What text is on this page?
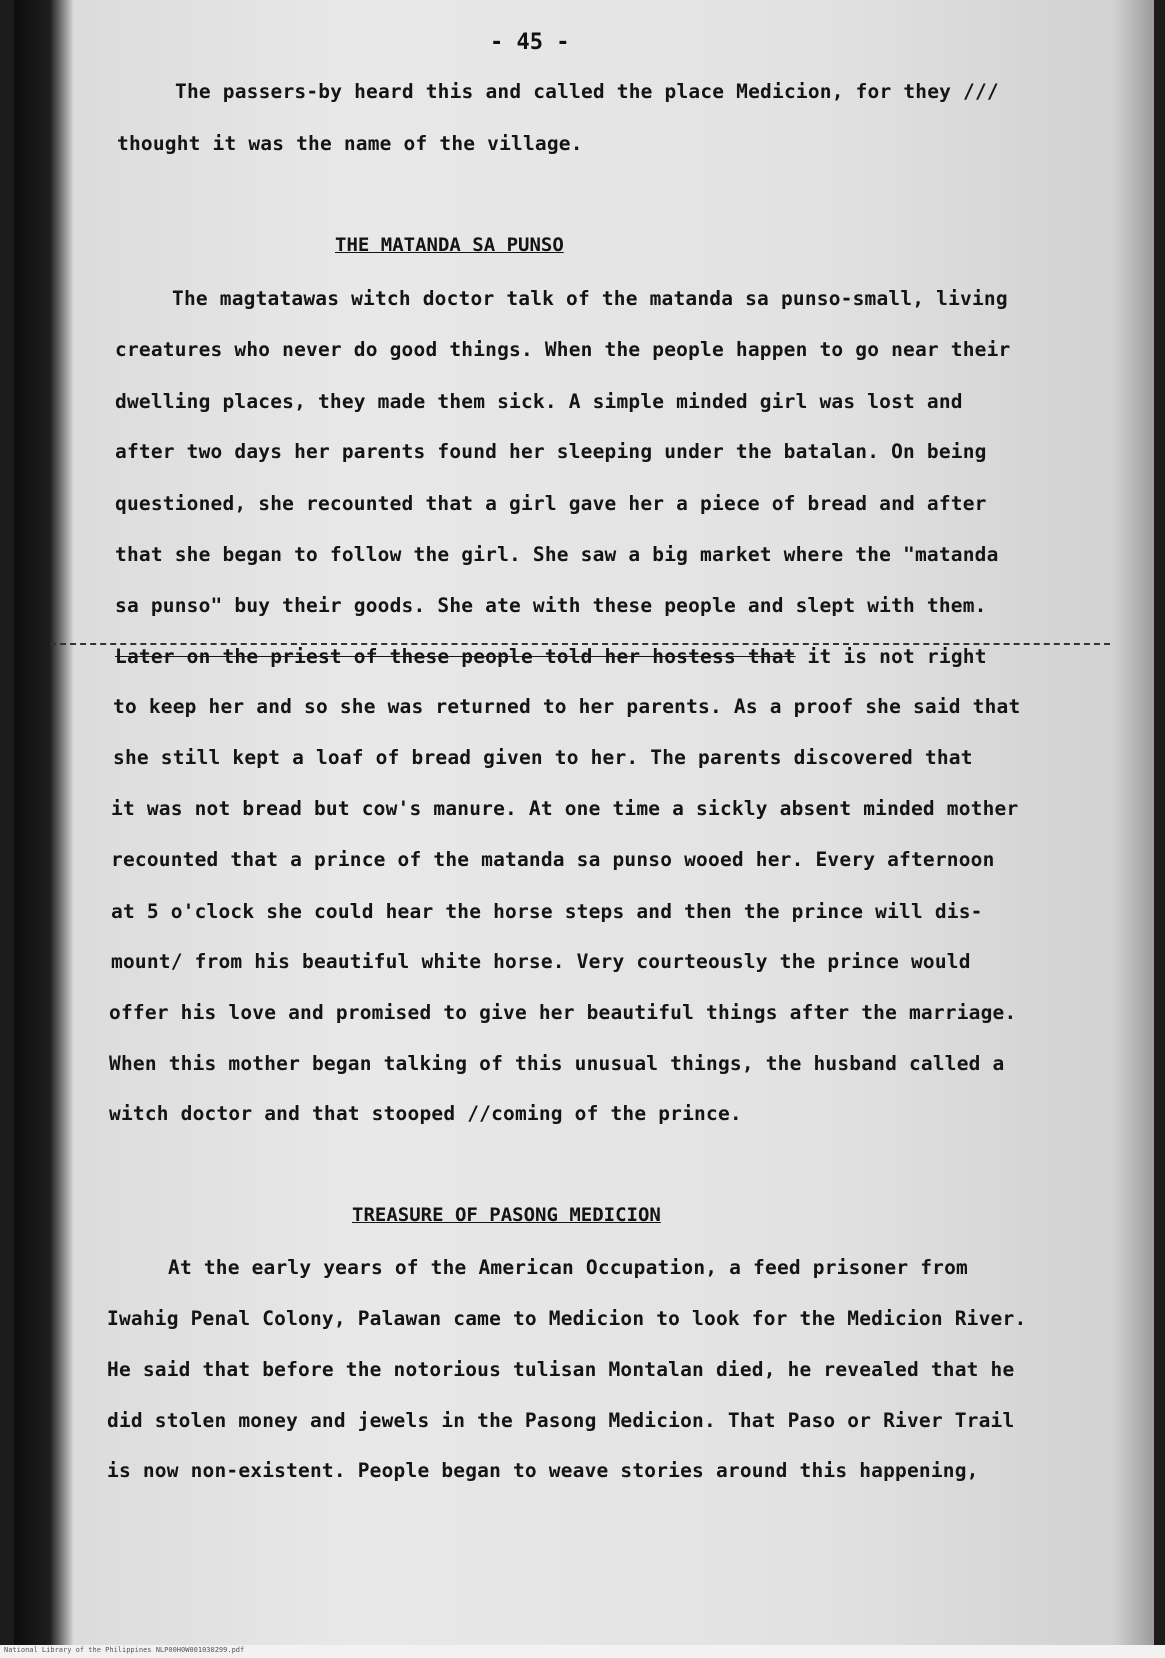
- 45 -
The passers-by heard this and called the place Medicion, for they ///
thought it was the name of the village.
THE MATANDA SA PUNSO
The magtatawas witch doctor talk of the matanda sa punso-small, living
creatures who never do good things. When the people happen to go near their
dwelling places, they made them sick. A simple minded girl was lost and
after two days her parents found her sleeping under the batalan. On being
questioned, she recounted that a girl gave her a piece of bread and after
that she began to follow the girl. She saw a big market where the "matanda
sa punso" buy their goods. She ate with these people and slept with them.
Later on the priest of these people told her hostess that it is not right
to keep her and so she was returned to her parents. As a proof she said that
she still kept a loaf of bread given to her. The parents discovered that
it was not bread but cow's manure. At one time a sickly absent minded mother
recounted that a prince of the matanda sa punso wooed her. Every afternoon
at 5 o'clock she could hear the horse steps and then the prince will dis-
mount/ from his beautiful white horse. Very courteously the prince would
offer his love and promised to give her beautiful things after the marriage.
When this mother began talking of this unusual things, the husband called a
witch doctor and that stooped //coming of the prince.
TREASURE OF PASONG MEDICION
At the early years of the American Occupation, a feed prisoner from
Iwahig Penal Colony, Palawan came to Medicion to look for the Medicion River.
He said that before the notorious tulisan Montalan died, he revealed that he
did stolen money and jewels in the Pasong Medicion. That Paso or River Trail
is now non-existent. People began to weave stories around this happening,
National Library of the Philippines NLP00H0W001030299.pdf
